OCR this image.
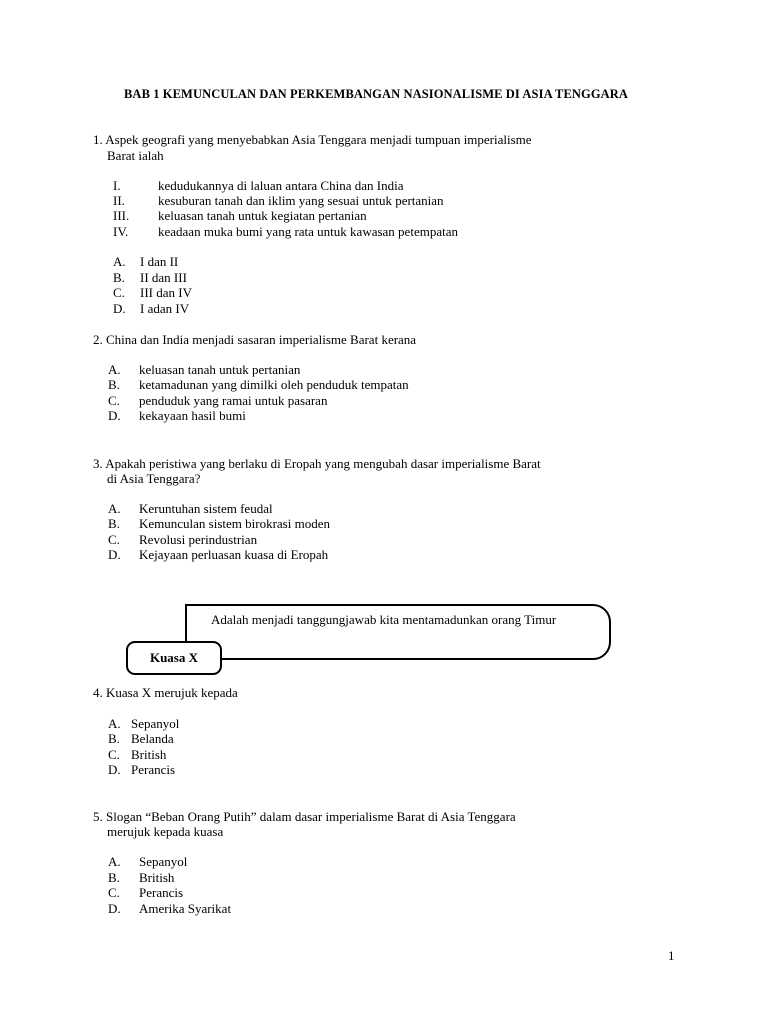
BAB 1 KEMUNCULAN DAN PERKEMBANGAN NASIONALISME DI ASIA TENGGARA
1. Aspek geografi yang menyebabkan Asia Tenggara menjadi tumpuan imperialisme
Barat ialah
I.	kedudukannya di laluan antara China dan India
II.	kesuburan tanah dan iklim yang sesuai untuk pertanian
III. keluasan tanah untuk kegiatan pertanian
IV. keadaan muka bumi yang rata untuk kawasan petempatan
A. I dan II
B. II dan III
C. III dan IV
D. I adan IV
2. China dan India menjadi sasaran imperialisme Barat kerana
A. keluasan tanah untuk pertanian
B. ketamadunan yang dimilki oleh penduduk tempatan
C. penduduk yang ramai untuk pasaran
D. kekayaan hasil bumi
3. Apakah peristiwa yang berlaku di Eropah yang mengubah dasar imperialisme Barat
di Asia Tenggara?
A. Keruntuhan sistem feudal
B. Kemunculan sistem birokrasi moden
C. Revolusi perindustrian
D. Kejayaan perluasan kuasa di Eropah
Adalah menjadi tanggungjawab kita mentamadunkan orang Timur
Kuasa X
4. Kuasa X merujuk kepada
A. Sepanyol
B. Belanda
C. British
D. Perancis
5. Slogan “Beban Orang Putih” dalam dasar imperialisme Barat di Asia Tenggara
merujuk kepada kuasa
A. Sepanyol
B. British
C. Perancis
D. Amerika Syarikat
1
